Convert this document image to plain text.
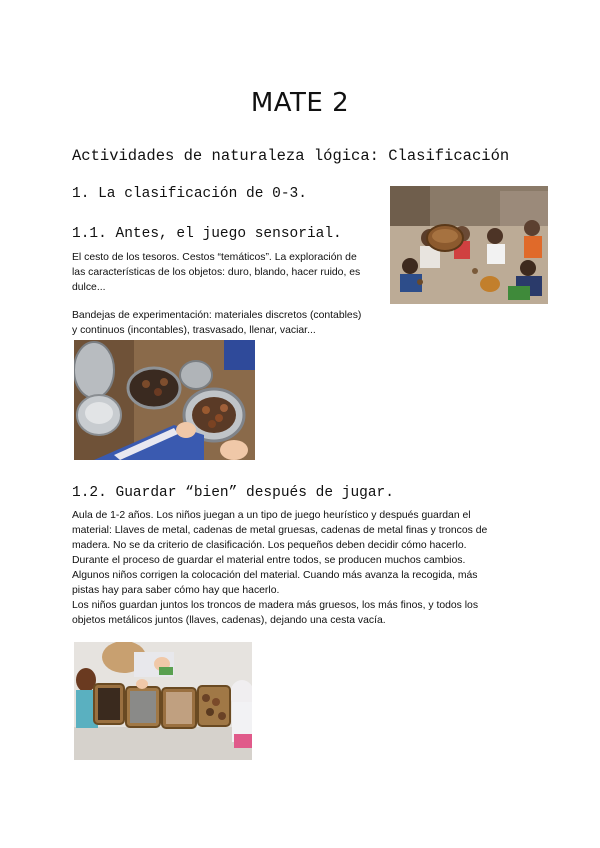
MATE 2
Actividades de naturaleza lógica: Clasificación
1. La clasificación de 0-3.
1.1. Antes, el juego sensorial.
El cesto de los tesoros. Cestos “temáticos”. La exploración de
las características de los objetos: duro, blando, hacer ruido, es
dulce...
Bandejas de experimentación: materiales discretos (contables)
y continuos (incontables), trasvasado, llenar, vaciar...
1.2. Guardar “bien” después de jugar.
Aula de 1-2 años. Los niños juegan a un tipo de juego heurístico y después guardan el
material: Llaves de metal, cadenas de metal gruesas, cadenas de metal finas y troncos de
madera. No se da criterio de clasificación. Los pequeños deben decidir cómo hacerlo.
Durante el proceso de guardar el material entre todos, se producen muchos cambios.
Algunos niños corrigen la colocación del material. Cuando más avanza la recogida, más
pistas hay para saber cómo hay que hacerlo.
Los niños guardan juntos los troncos de madera más gruesos, los más finos, y todos los
objetos metálicos juntos (llaves, cadenas), dejando una cesta vacía.
